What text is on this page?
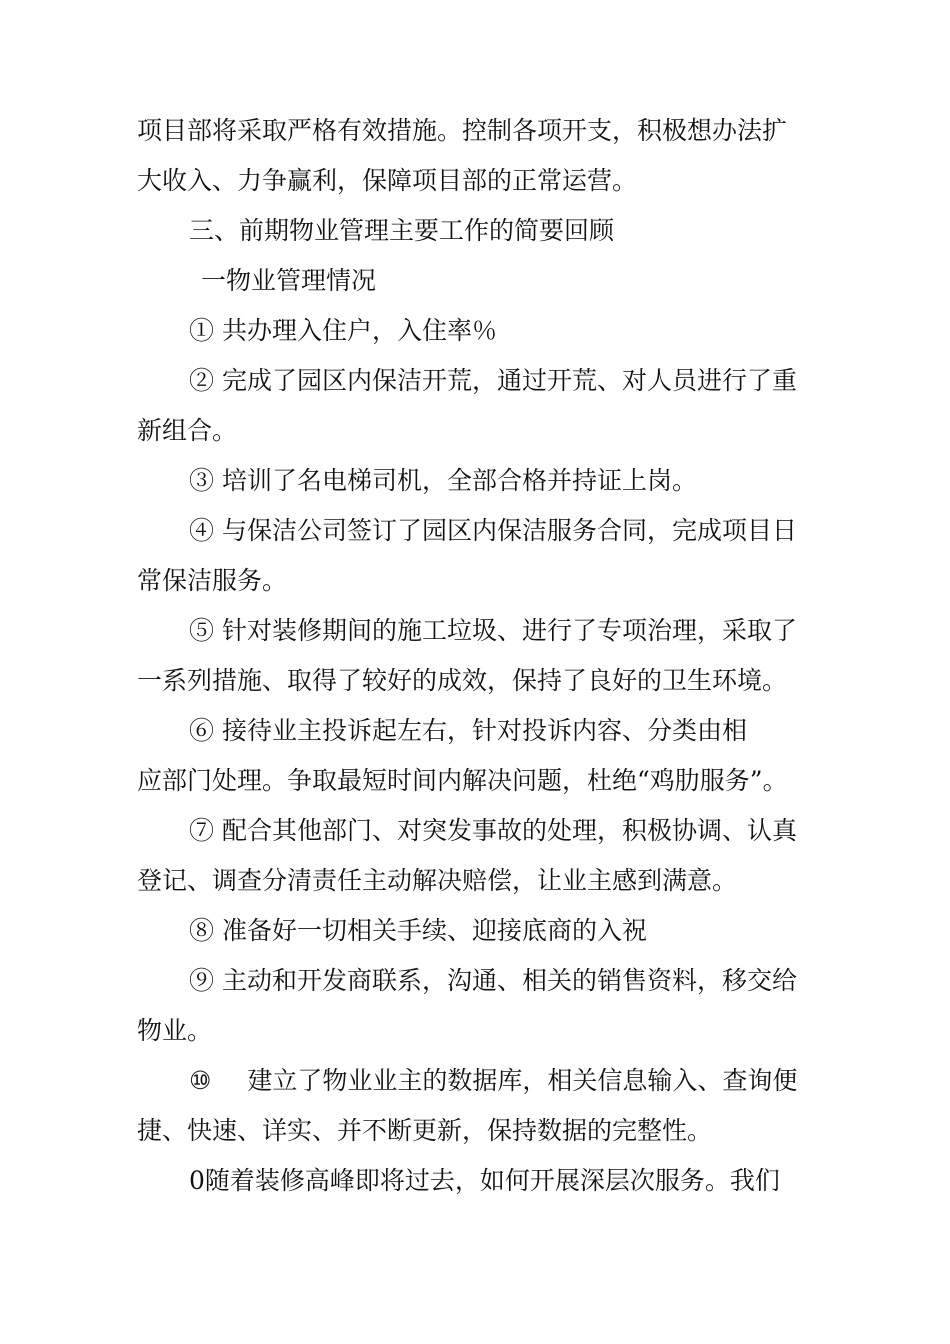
项目部将采取严格有效措施。控制各项开支，积极想办法扩
大收入、力争赢利，保障项目部的正常运营。
三、前期物业管理主要工作的简要回顾
一物业管理情况
① 共办理入住户，入住率％
② 完成了园区内保洁开荒，通过开荒、对人员进行了重
新组合。
③ 培训了名电梯司机，全部合格并持证上岗。
④ 与保洁公司签订了园区内保洁服务合同，完成项目日
常保洁服务。
⑤ 针对装修期间的施工垃圾、进行了专项治理，采取了
一系列措施、取得了较好的成效，保持了良好的卫生环境。
⑥ 接待业主投诉起左右，针对投诉内容、分类由相
应部门处理。争取最短时间内解决问题，杜绝“鸡肋服务”。
⑦ 配合其他部门、对突发事故的处理，积极协调、认真
登记、调查分清责任主动解决赔偿，让业主感到满意。
⑧ 准备好一切相关手续、迎接底商的入祝
⑨ 主动和开发商联系，沟通、相关的销售资料，移交给
物业。
⑩ 建立了物业业主的数据库，相关信息输入、查询便
捷、快速、详实、并不断更新，保持数据的完整性。
0随着装修高峰即将过去，如何开展深层次服务。我们
